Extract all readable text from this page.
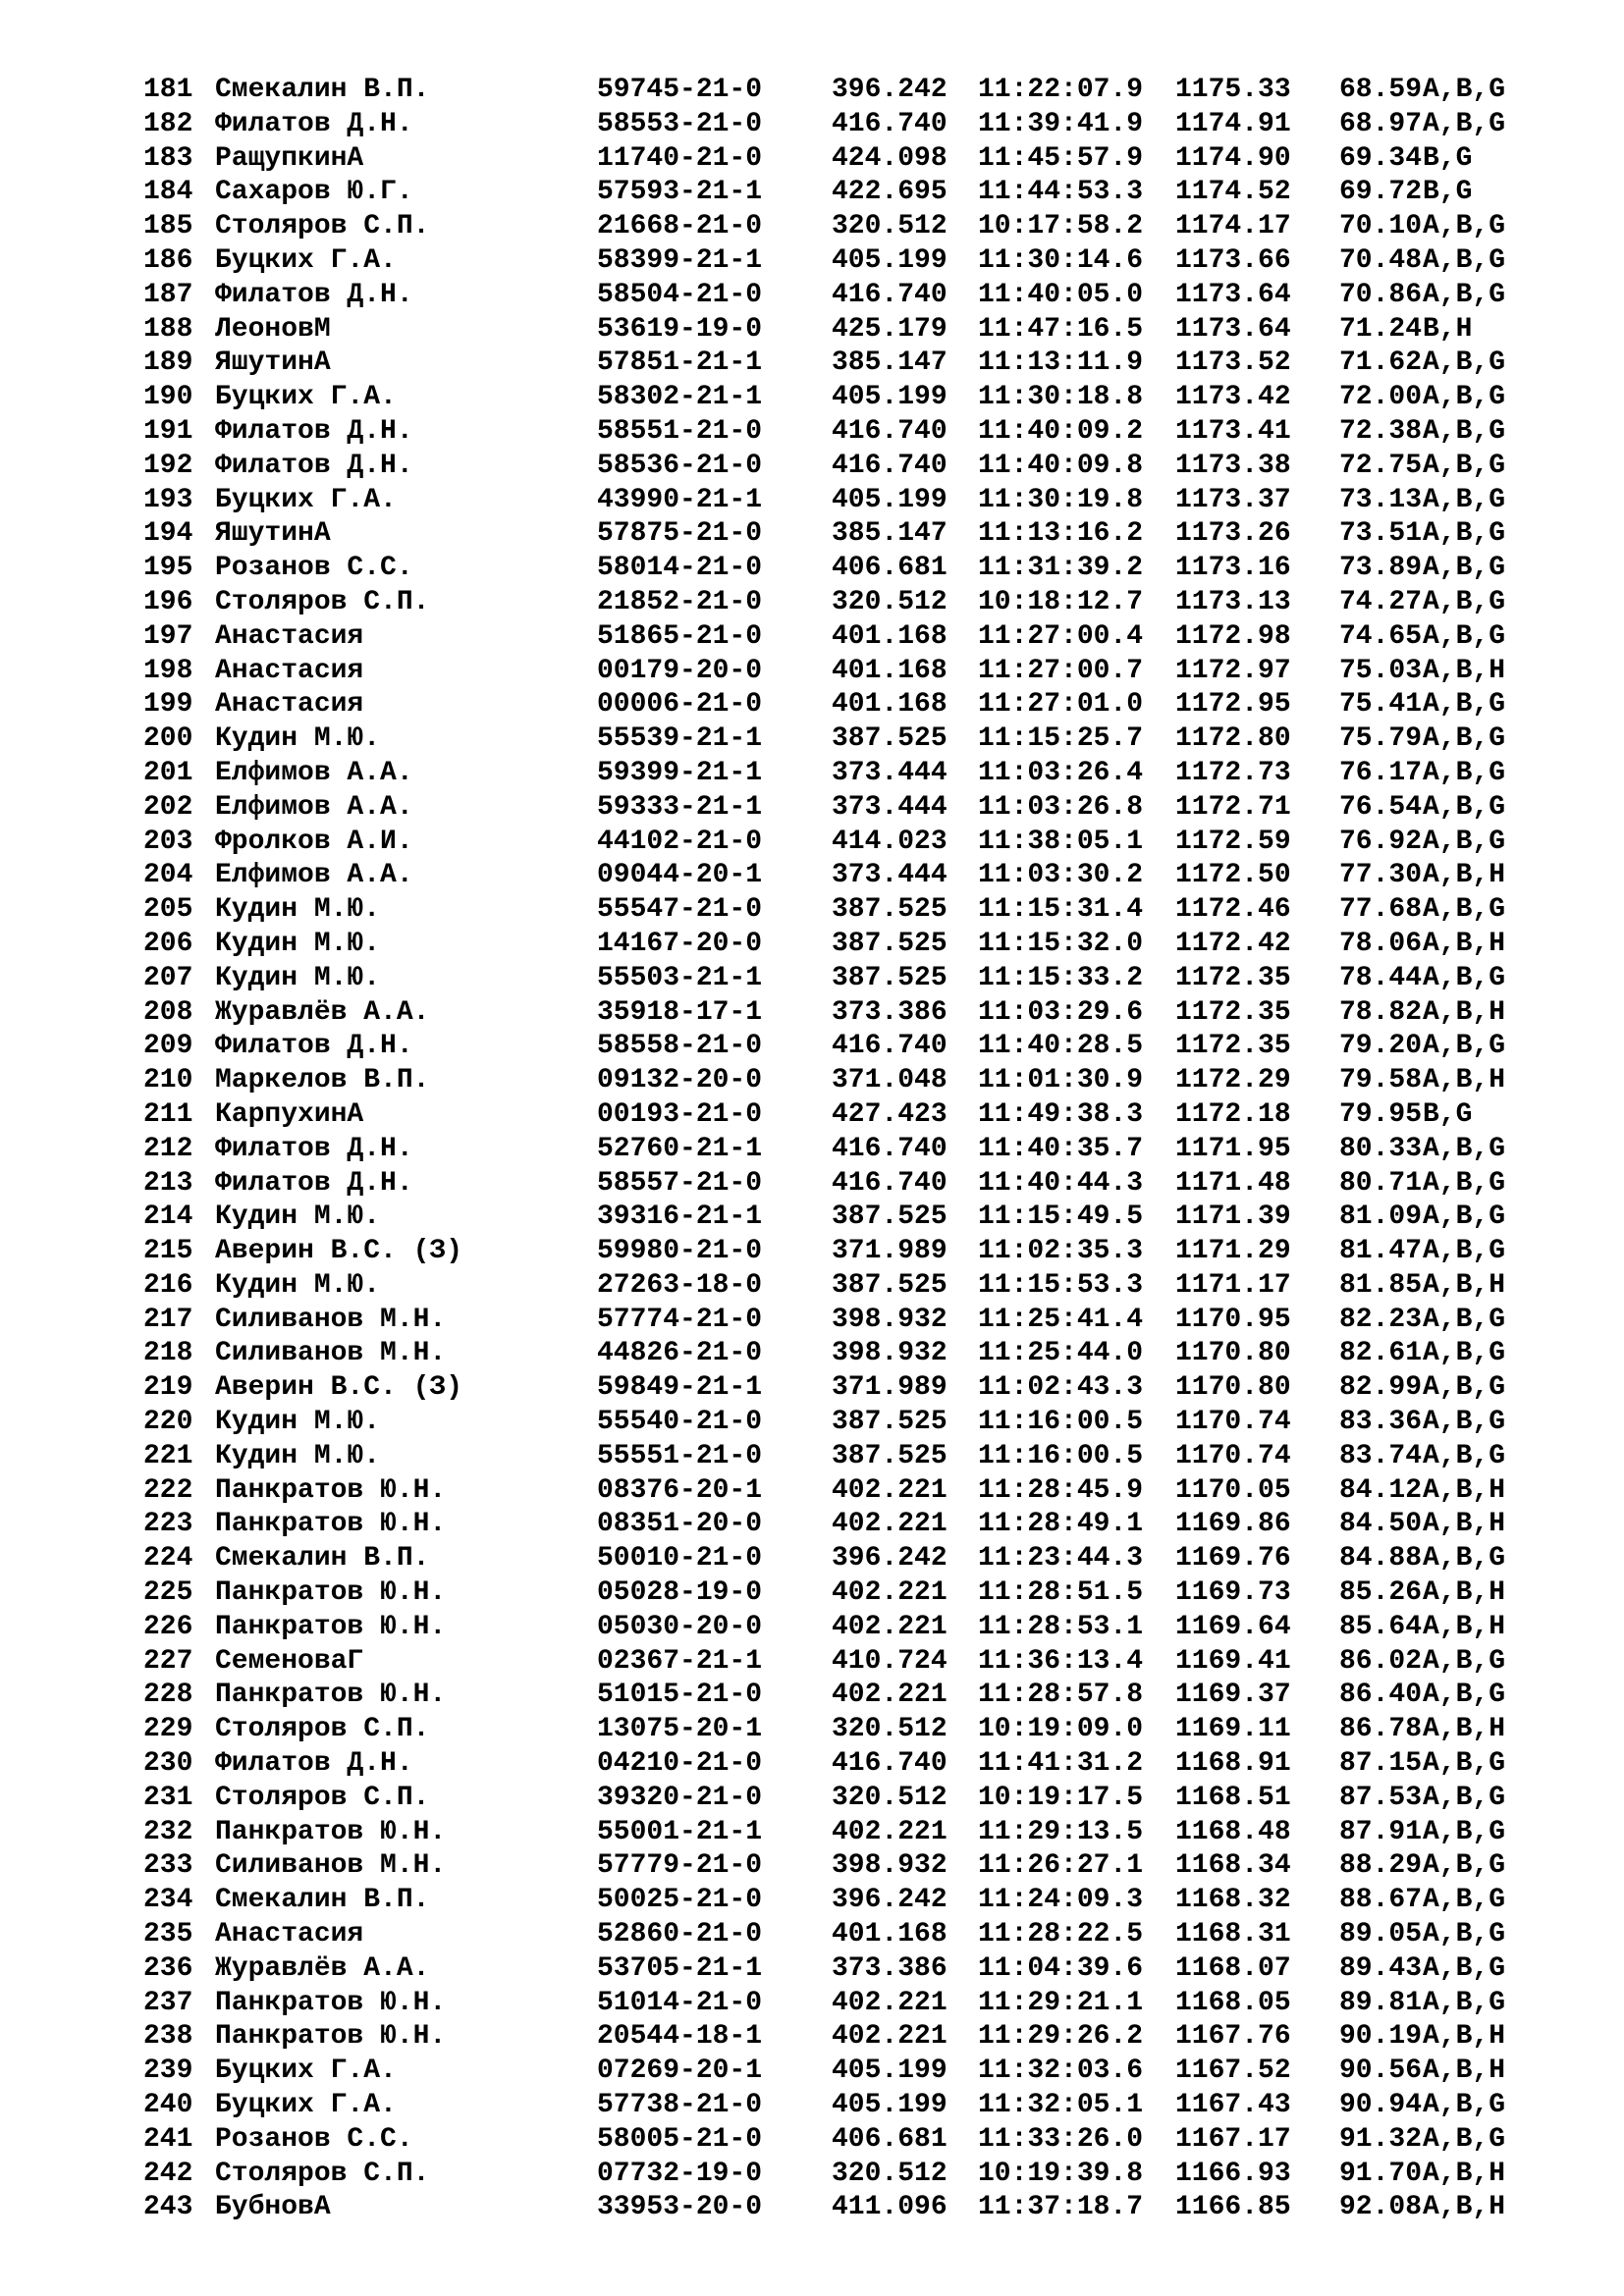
181 Смекалин В.П.	59745-21-0	396.242 11:22:07.9 1175.33 68.59 A,B,G
182 Филатов Д.Н.	58553-21-0	416.740 11:39:41.9 1174.91 68.97 A,B,G
183 РащупкинА	11740-21-0	424.098 11:45:57.9 1174.90 69.34 B,G
184 Сахаров Ю.Г.	57593-21-1	422.695 11:44:53.3 1174.52 69.72 B,G
185 Столяров С.П.	21668-21-0	320.512 10:17:58.2 1174.17 70.10 A,B,G
186 Буцких Г.А.	58399-21-1	405.199 11:30:14.6 1173.66 70.48 A,B,G
187 Филатов Д.Н.	58504-21-0	416.740 11:40:05.0 1173.64 70.86 A,B,G
188 ЛеоновМ	53619-19-0	425.179 11:47:16.5 1173.64 71.24 B,H
189 ЯшутинА	57851-21-1	385.147 11:13:11.9 1173.52 71.62 A,B,G
190 Буцких Г.А.	58302-21-1	405.199 11:30:18.8 1173.42 72.00 A,B,G
191 Филатов Д.Н.	58551-21-0	416.740 11:40:09.2 1173.41 72.38 A,B,G
192 Филатов Д.Н.	58536-21-0	416.740 11:40:09.8 1173.38 72.75 A,B,G
193 Буцких Г.А.	43990-21-1	405.199 11:30:19.8 1173.37 73.13 A,B,G
194 ЯшутинА	57875-21-0	385.147 11:13:16.2 1173.26 73.51 A,B,G
195 Розанов С.С.	58014-21-0	406.681 11:31:39.2 1173.16 73.89 A,B,G
196 Столяров С.П.	21852-21-0	320.512 10:18:12.7 1173.13 74.27 A,B,G
197 Анастасия	51865-21-0	401.168 11:27:00.4 1172.98 74.65 A,B,G
198 Анастасия	00179-20-0	401.168 11:27:00.7 1172.97 75.03 A,B,H
199 Анастасия	00006-21-0	401.168 11:27:01.0 1172.95 75.41 A,B,G
200 Кудин М.Ю.	55539-21-1	387.525 11:15:25.7 1172.80 75.79 A,B,G
201 Елфимов А.А.	59399-21-1	373.444 11:03:26.4 1172.73 76.17 A,B,G
202 Елфимов А.А.	59333-21-1	373.444 11:03:26.8 1172.71 76.54 A,B,G
203 Фролков А.И.	44102-21-0	414.023 11:38:05.1 1172.59 76.92 A,B,G
204 Елфимов А.А.	09044-20-1	373.444 11:03:30.2 1172.50 77.30 A,B,H
205 Кудин М.Ю.	55547-21-0	387.525 11:15:31.4 1172.46 77.68 A,B,G
206 Кудин М.Ю.	14167-20-0	387.525 11:15:32.0 1172.42 78.06 A,B,H
207 Кудин М.Ю.	55503-21-1	387.525 11:15:33.2 1172.35 78.44 A,B,G
208 Журавлёв А.А.	35918-17-1	373.386 11:03:29.6 1172.35 78.82 A,B,H
209 Филатов Д.Н.	58558-21-0	416.740 11:40:28.5 1172.35 79.20 A,B,G
210 Маркелов В.П.	09132-20-0	371.048 11:01:30.9 1172.29 79.58 A,B,H
211 КарпухинА	00193-21-0	427.423 11:49:38.3 1172.18 79.95 B,G
212 Филатов Д.Н.	52760-21-1	416.740 11:40:35.7 1171.95 80.33 A,B,G
213 Филатов Д.Н.	58557-21-0	416.740 11:40:44.3 1171.48 80.71 A,B,G
214 Кудин М.Ю.	39316-21-1	387.525 11:15:49.5 1171.39 81.09 A,B,G
215 Аверин В.С. (З)	59980-21-0	371.989 11:02:35.3 1171.29 81.47 A,B,G
216 Кудин М.Ю.	27263-18-0	387.525 11:15:53.3 1171.17 81.85 A,B,H
217 Силиванов М.Н.	57774-21-0	398.932 11:25:41.4 1170.95 82.23 A,B,G
218 Силиванов М.Н.	44826-21-0	398.932 11:25:44.0 1170.80 82.61 A,B,G
219 Аверин В.С. (З)	59849-21-1	371.989 11:02:43.3 1170.80 82.99 A,B,G
220 Кудин М.Ю.	55540-21-0	387.525 11:16:00.5 1170.74 83.36 A,B,G
221 Кудин М.Ю.	55551-21-0	387.525 11:16:00.5 1170.74 83.74 A,B,G
222 Панкратов Ю.Н.	08376-20-1	402.221 11:28:45.9 1170.05 84.12 A,B,H
223 Панкратов Ю.Н.	08351-20-0	402.221 11:28:49.1 1169.86 84.50 A,B,H
224 Смекалин В.П.	50010-21-0	396.242 11:23:44.3 1169.76 84.88 A,B,G
225 Панкратов Ю.Н.	05028-19-0	402.221 11:28:51.5 1169.73 85.26 A,B,H
226 Панкратов Ю.Н.	05030-20-0	402.221 11:28:53.1 1169.64 85.64 A,B,H
227 СеменоваГ	02367-21-1	410.724 11:36:13.4 1169.41 86.02 A,B,G
228 Панкратов Ю.Н.	51015-21-0	402.221 11:28:57.8 1169.37 86.40 A,B,G
229 Столяров С.П.	13075-20-1	320.512 10:19:09.0 1169.11 86.78 A,B,H
230 Филатов Д.Н.	04210-21-0	416.740 11:41:31.2 1168.91 87.15 A,B,G
231 Столяров С.П.	39320-21-0	320.512 10:19:17.5 1168.51 87.53 A,B,G
232 Панкратов Ю.Н.	55001-21-1	402.221 11:29:13.5 1168.48 87.91 A,B,G
233 Силиванов М.Н.	57779-21-0	398.932 11:26:27.1 1168.34 88.29 A,B,G
234 Смекалин В.П.	50025-21-0	396.242 11:24:09.3 1168.32 88.67 A,B,G
235 Анастасия	52860-21-0	401.168 11:28:22.5 1168.31 89.05 A,B,G
236 Журавлёв А.А.	53705-21-1	373.386 11:04:39.6 1168.07 89.43 A,B,G
237 Панкратов Ю.Н.	51014-21-0	402.221 11:29:21.1 1168.05 89.81 A,B,G
238 Панкратов Ю.Н.	20544-18-1	402.221 11:29:26.2 1167.76 90.19 A,B,H
239 Буцких Г.А.	07269-20-1	405.199 11:32:03.6 1167.52 90.56 A,B,H
240 Буцких Г.А.	57738-21-0	405.199 11:32:05.1 1167.43 90.94 A,B,G
241 Розанов С.С.	58005-21-0	406.681 11:33:26.0 1167.17 91.32 A,B,G
242 Столяров С.П.	07732-19-0	320.512 10:19:39.8 1166.93 91.70 A,B,H
243 БубновА	33953-20-0	411.096 11:37:18.7 1166.85 92.08 A,B,H
